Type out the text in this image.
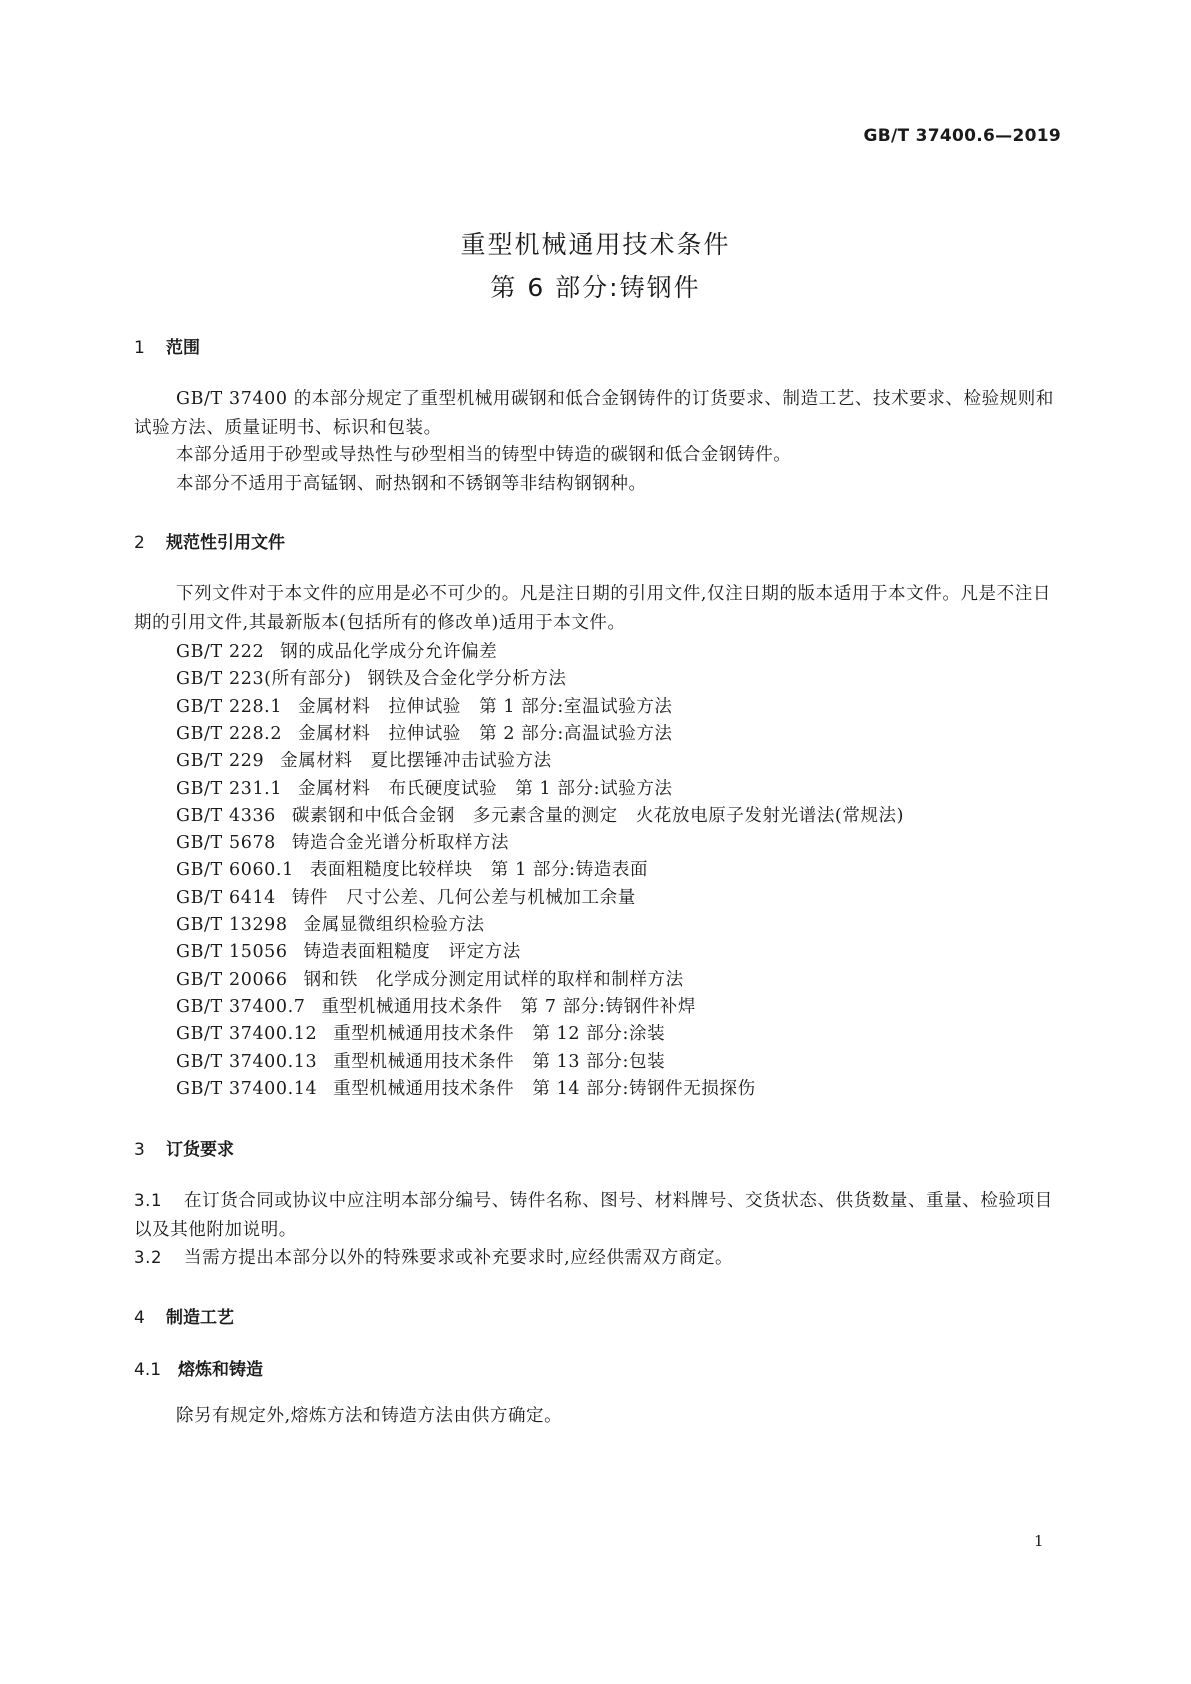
GB/T 37400.6—2019
重型机械通用技术条件
第 6 部分:铸钢件
1 范围
GB/T 37400 的本部分规定了重型机械用碳钢和低合金钢铸件的订货要求、制造工艺、技术要求、检验规则和试验方法、质量证明书、标识和包装。
本部分适用于砂型或导热性与砂型相当的铸型中铸造的碳钢和低合金钢铸件。
本部分不适用于高锰钢、耐热钢和不锈钢等非结构钢钢种。
2 规范性引用文件
下列文件对于本文件的应用是必不可少的。凡是注日期的引用文件,仅注日期的版本适用于本文件。凡是不注日期的引用文件,其最新版本(包括所有的修改单)适用于本文件。
GB/T 222 钢的成品化学成分允许偏差
GB/T 223(所有部分) 钢铁及合金化学分析方法
GB/T 228.1 金属材料　拉伸试验　第 1 部分:室温试验方法
GB/T 228.2 金属材料　拉伸试验　第 2 部分:高温试验方法
GB/T 229 金属材料　夏比摆锤冲击试验方法
GB/T 231.1 金属材料　布氏硬度试验　第 1 部分:试验方法
GB/T 4336 碳素钢和中低合金钢　多元素含量的测定　火花放电原子发射光谱法(常规法)
GB/T 5678 铸造合金光谱分析取样方法
GB/T 6060.1 表面粗糙度比较样块　第 1 部分:铸造表面
GB/T 6414 铸件　尺寸公差、几何公差与机械加工余量
GB/T 13298 金属显微组织检验方法
GB/T 15056 铸造表面粗糙度　评定方法
GB/T 20066 钢和铁　化学成分测定用试样的取样和制样方法
GB/T 37400.7 重型机械通用技术条件　第 7 部分:铸钢件补焊
GB/T 37400.12 重型机械通用技术条件　第 12 部分:涂装
GB/T 37400.13 重型机械通用技术条件　第 13 部分:包装
GB/T 37400.14 重型机械通用技术条件　第 14 部分:铸钢件无损探伤
3 订货要求
3.1 在订货合同或协议中应注明本部分编号、铸件名称、图号、材料牌号、交货状态、供货数量、重量、检验项目以及其他附加说明。
3.2 当需方提出本部分以外的特殊要求或补充要求时,应经供需双方商定。
4 制造工艺
4.1 熔炼和铸造
除另有规定外,熔炼方法和铸造方法由供方确定。
1
